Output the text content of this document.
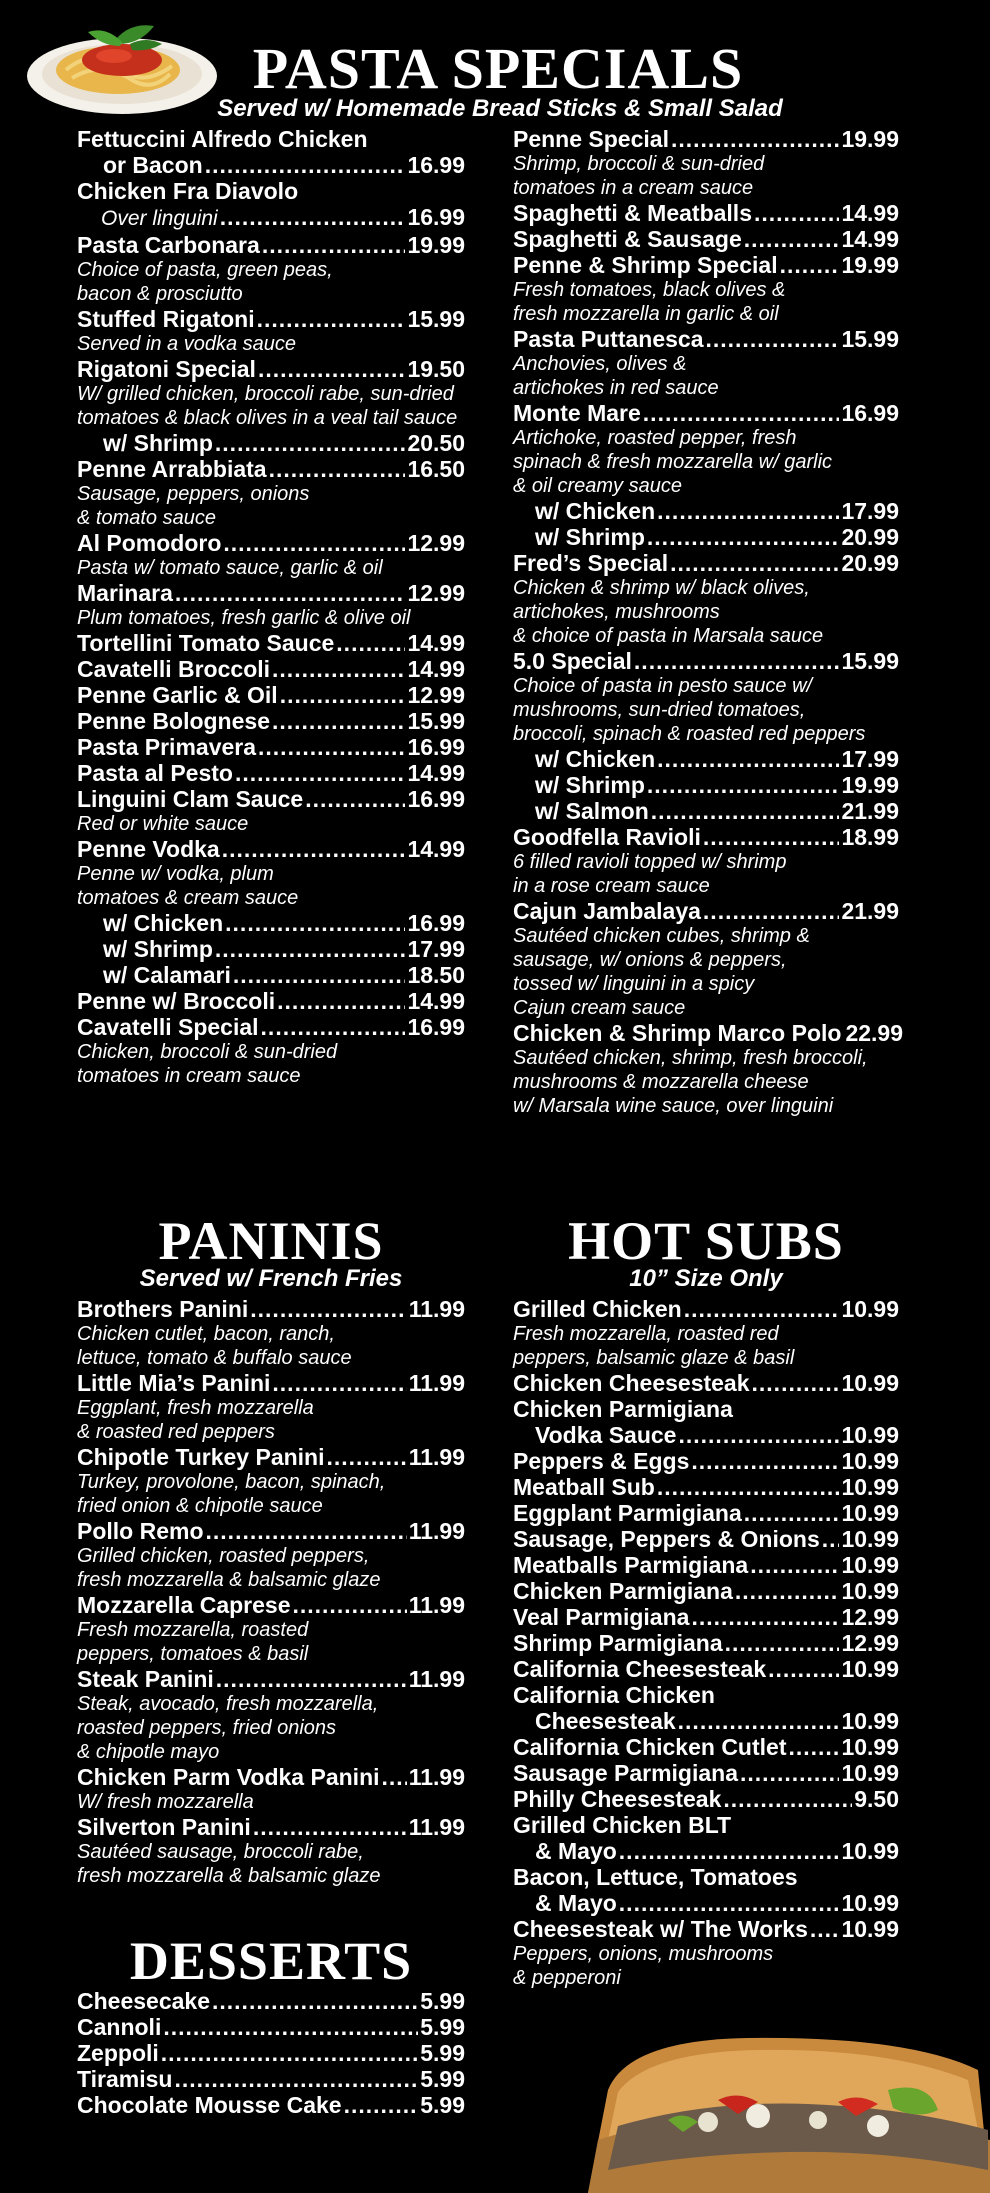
PASTA SPECIALS
Served w/ Homemade Bread Sticks & Small Salad
Fettuccini Alfredo Chicken
or Bacon .....	16.99
Chicken Fra Diavolo
Over linguini .....	16.99
Pasta Carbonara .....	19.99
Choice of pasta, green peas,
bacon & prosciutto
Stuffed Rigatoni .....	15.99
Served in a vodka sauce
Rigatoni Special .....	19.50
W/ grilled chicken, broccoli rabe, sun-dried
tomatoes & black olives in a veal tail sauce
w/ Shrimp .....	20.50
Penne Arrabbiata .....	16.50
Sausage, peppers, onions
& tomato sauce
Al Pomodoro .....	12.99
Pasta w/ tomato sauce, garlic & oil
Marinara .....	12.99
Plum tomatoes, fresh garlic & olive oil
Tortellini Tomato Sauce .....	14.99
Cavatelli Broccoli .....	14.99
Penne Garlic & Oil .....	12.99
Penne Bolognese .....	15.99
Pasta Primavera .....	16.99
Pasta al Pesto .....	14.99
Linguini Clam Sauce .....	16.99
Red or white sauce
Penne Vodka .....	14.99
Penne w/ vodka, plum
tomatoes & cream sauce
w/ Chicken .....	16.99
w/ Shrimp .....	17.99
w/ Calamari .....	18.50
Penne w/ Broccoli .....	14.99
Cavatelli Special .....	16.99
Chicken, broccoli & sun-dried
tomatoes in cream sauce
Penne Special .....	19.99
Shrimp, broccoli & sun-dried
tomatoes in a cream sauce
Spaghetti & Meatballs .....	14.99
Spaghetti & Sausage .....	14.99
Penne & Shrimp Special .....	19.99
Fresh tomatoes, black olives &
fresh mozzarella in garlic & oil
Pasta Puttanesca .....	15.99
Anchovies, olives &
artichokes in red sauce
Monte Mare .....	16.99
Artichoke, roasted pepper, fresh
spinach & fresh mozzarella w/ garlic
& oil creamy sauce
w/ Chicken .....	17.99
w/ Shrimp .....	20.99
Fred’s Special .....	20.99
Chicken & shrimp w/ black olives,
artichokes, mushrooms
& choice of pasta in Marsala sauce
5.0 Special .....	15.99
Choice of pasta in pesto sauce w/
mushrooms, sun-dried tomatoes,
broccoli, spinach & roasted red peppers
w/ Chicken .....	17.99
w/ Shrimp .....	19.99
w/ Salmon .....	21.99
Goodfella Ravioli .....	18.99
6 filled ravioli topped w/ shrimp
in a rose cream sauce
Cajun Jambalaya .....	21.99
Sautéed chicken cubes, shrimp &
sausage, w/ onions & peppers,
tossed w/ linguini in a spicy
Cajun cream sauce
Chicken & Shrimp Marco Polo 22.99
Sautéed chicken, shrimp, fresh broccoli,
mushrooms & mozzarella cheese
w/ Marsala wine sauce, over linguini
PANINIS
Served w/ French Fries
Brothers Panini .....	11.99
Chicken cutlet, bacon, ranch,
lettuce, tomato & buffalo sauce
Little Mia’s Panini .....	11.99
Eggplant, fresh mozzarella
& roasted red peppers
Chipotle Turkey Panini .....	11.99
Turkey, provolone, bacon, spinach,
fried onion & chipotle sauce
Pollo Remo .....	11.99
Grilled chicken, roasted peppers,
fresh mozzarella & balsamic glaze
Mozzarella Caprese .....	11.99
Fresh mozzarella, roasted
peppers, tomatoes & basil
Steak Panini .....	11.99
Steak, avocado, fresh mozzarella,
roasted peppers, fried onions
& chipotle mayo
Chicken Parm Vodka Panini ..... 11.99
W/ fresh mozzarella
Silverton Panini .....	11.99
Sautéed sausage, broccoli rabe,
fresh mozzarella & balsamic glaze
DESSERTS
Cheesecake .....	5.99
Cannoli .....	5.99
Zeppoli .....	5.99
Tiramisu .....	5.99
Chocolate Mousse Cake .....	5.99
HOT SUBS
10” Size Only
Grilled Chicken .....	10.99
Fresh mozzarella, roasted red
peppers, balsamic glaze & basil
Chicken Cheesesteak .....	10.99
Chicken Parmigiana
Vodka Sauce .....	10.99
Peppers & Eggs .....	10.99
Meatball Sub .....	10.99
Eggplant Parmigiana .....	10.99
Sausage, Peppers & Onions ..... 10.99
Meatballs Parmigiana .....	10.99
Chicken Parmigiana .....	10.99
Veal Parmigiana .....	12.99
Shrimp Parmigiana .....	12.99
California Cheesesteak .....	10.99
California Chicken
Cheesesteak .....	10.99
California Chicken Cutlet ..... 10.99
Sausage Parmigiana .....	10.99
Philly Cheesesteak .....	9.50
Grilled Chicken BLT
& Mayo .....	10.99
Bacon, Lettuce, Tomatoes
& Mayo .....	10.99
Cheesesteak w/ The Works ..... 10.99
Peppers, onions, mushrooms
& pepperoni
